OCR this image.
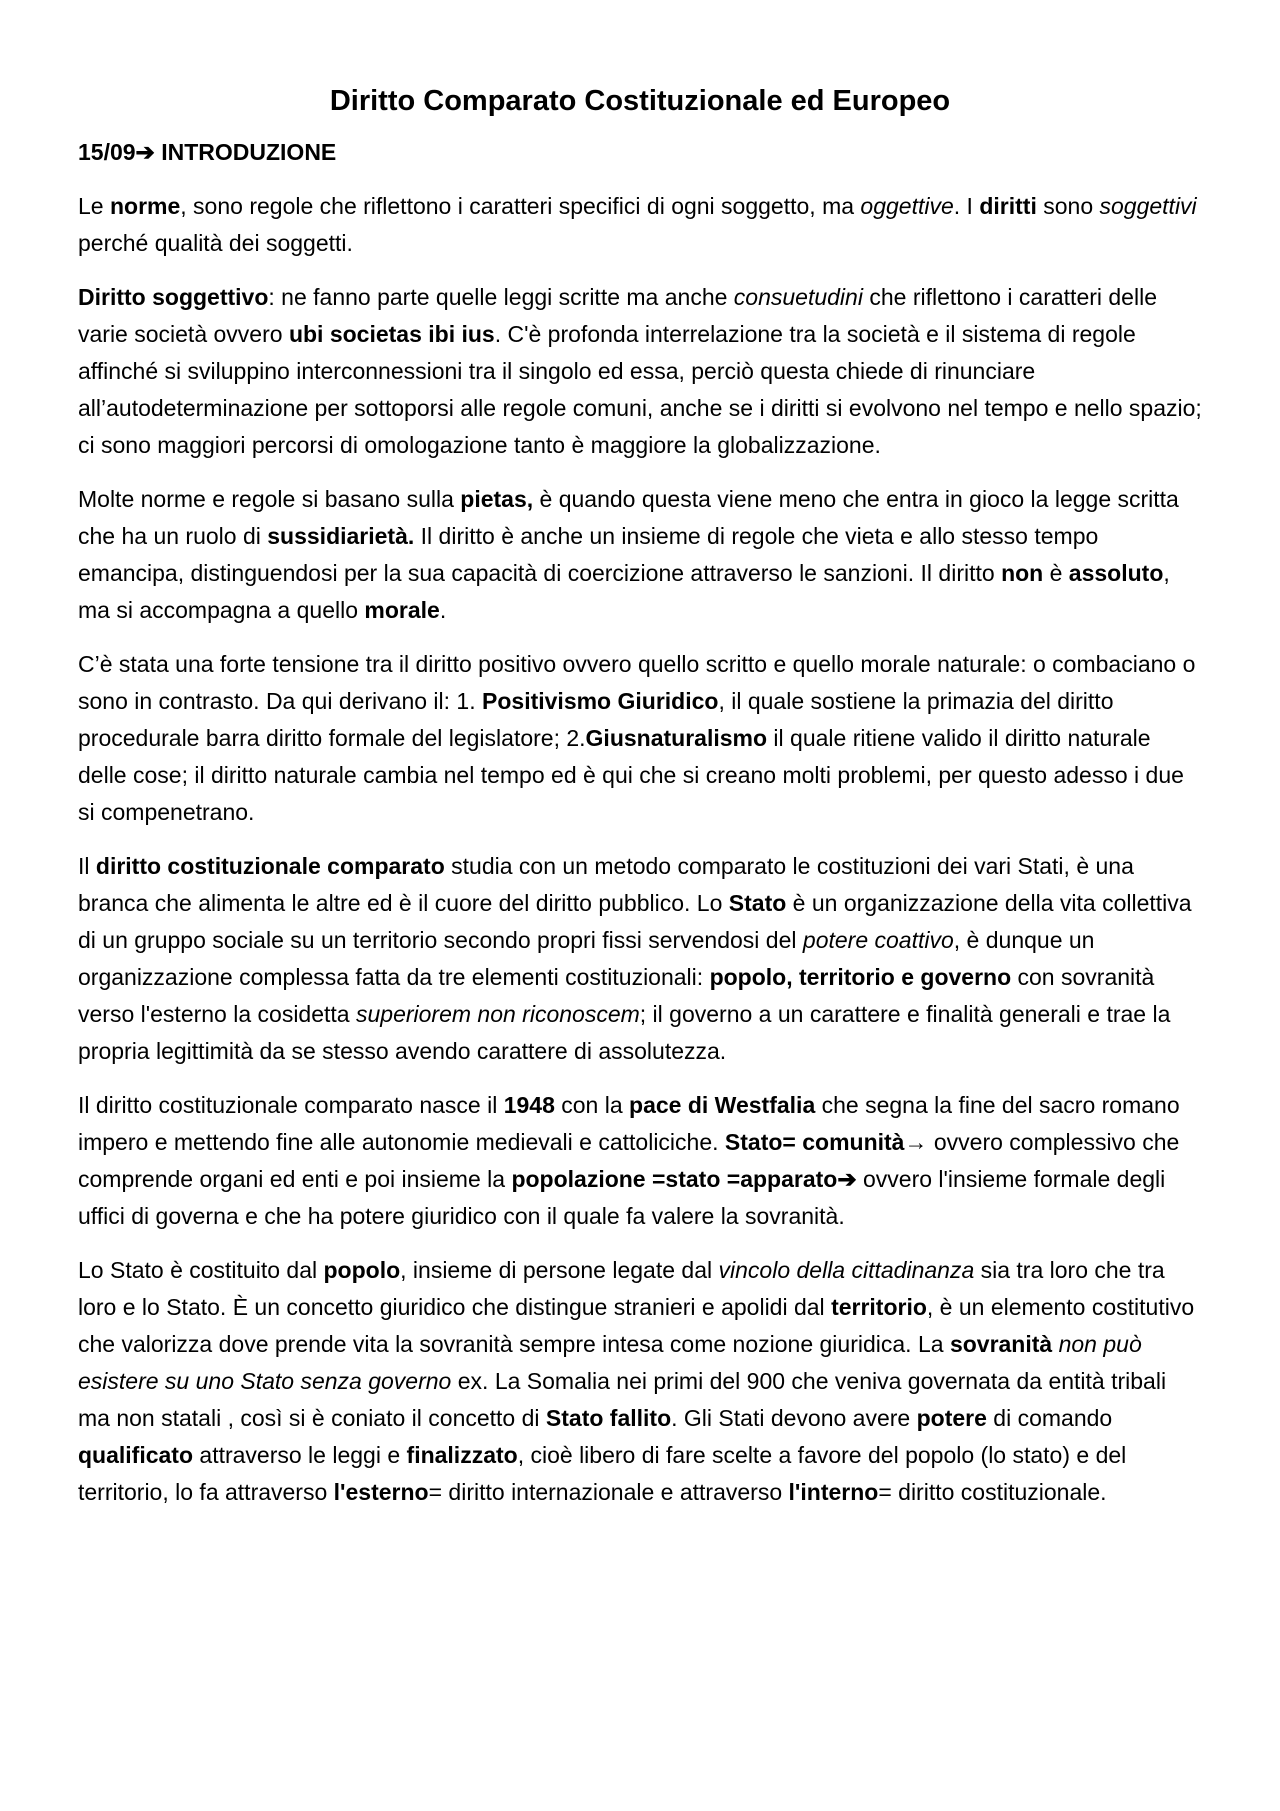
Diritto Comparato Costituzionale ed Europeo
15/09➔ INTRODUZIONE
Le norme, sono regole che riflettono i caratteri specifici di ogni soggetto, ma oggettive. I diritti sono soggettivi perché qualità dei soggetti.
Diritto soggettivo: ne fanno parte quelle leggi scritte ma anche consuetudini che riflettono i caratteri delle varie società ovvero ubi societas ibi ius. C'è profonda interrelazione tra la società e il sistema di regole affinché si sviluppino interconnessioni tra il singolo ed essa, perciò questa chiede di rinunciare all’autodeterminazione per sottoporsi alle regole comuni, anche se i diritti si evolvono nel tempo e nello spazio; ci sono maggiori percorsi di omologazione tanto è maggiore la globalizzazione.
Molte norme e regole si basano sulla pietas, è quando questa viene meno che entra in gioco la legge scritta che ha un ruolo di sussidiarietà. Il diritto è anche un insieme di regole che vieta e allo stesso tempo emancipa, distinguendosi per la sua capacità di coercizione attraverso le sanzioni. Il diritto non è assoluto, ma si accompagna a quello morale.
C’è stata una forte tensione tra il diritto positivo ovvero quello scritto e quello morale naturale: o combaciano o sono in contrasto. Da qui derivano il: 1. Positivismo Giuridico, il quale sostiene la primazia del diritto procedurale barra diritto formale del legislatore; 2.Giusnaturalismo il quale ritiene valido il diritto naturale delle cose; il diritto naturale cambia nel tempo ed è qui che si creano molti problemi, per questo adesso i due si compenetrano.
Il diritto costituzionale comparato studia con un metodo comparato le costituzioni dei vari Stati, è una branca che alimenta le altre ed è il cuore del diritto pubblico. Lo Stato è un organizzazione della vita collettiva di un gruppo sociale su un territorio secondo propri fissi servendosi del potere coattivo, è dunque un organizzazione complessa fatta da tre elementi costituzionali: popolo, territorio e governo con sovranità verso l'esterno la cosidetta superiorem non riconoscem; il governo a un carattere e finalità generali e trae la propria legittimità da se stesso avendo carattere di assolutezza.
Il diritto costituzionale comparato nasce il 1948 con la pace di Westfalia che segna la fine del sacro romano impero e mettendo fine alle autonomie medievali e cattoliciche. Stato= comunità→ ovvero complessivo che comprende organi ed enti e poi insieme la popolazione =stato =apparato➔ ovvero l'insieme formale degli uffici di governa e che ha potere giuridico con il quale fa valere la sovranità.
Lo Stato è costituito dal popolo, insieme di persone legate dal vincolo della cittadinanza sia tra loro che tra loro e lo Stato. È un concetto giuridico che distingue stranieri e apolidi dal territorio, è un elemento costitutivo che valorizza dove prende vita la sovranità sempre intesa come nozione giuridica. La sovranità non può esistere su uno Stato senza governo ex. La Somalia nei primi del 900 che veniva governata da entità tribali ma non statali , così si è coniato il concetto di Stato fallito. Gli Stati devono avere potere di comando qualificato attraverso le leggi e finalizzato, cioè libero di fare scelte a favore del popolo (lo stato) e del territorio, lo fa attraverso l'esterno= diritto internazionale e attraverso l'interno= diritto costituzionale.
